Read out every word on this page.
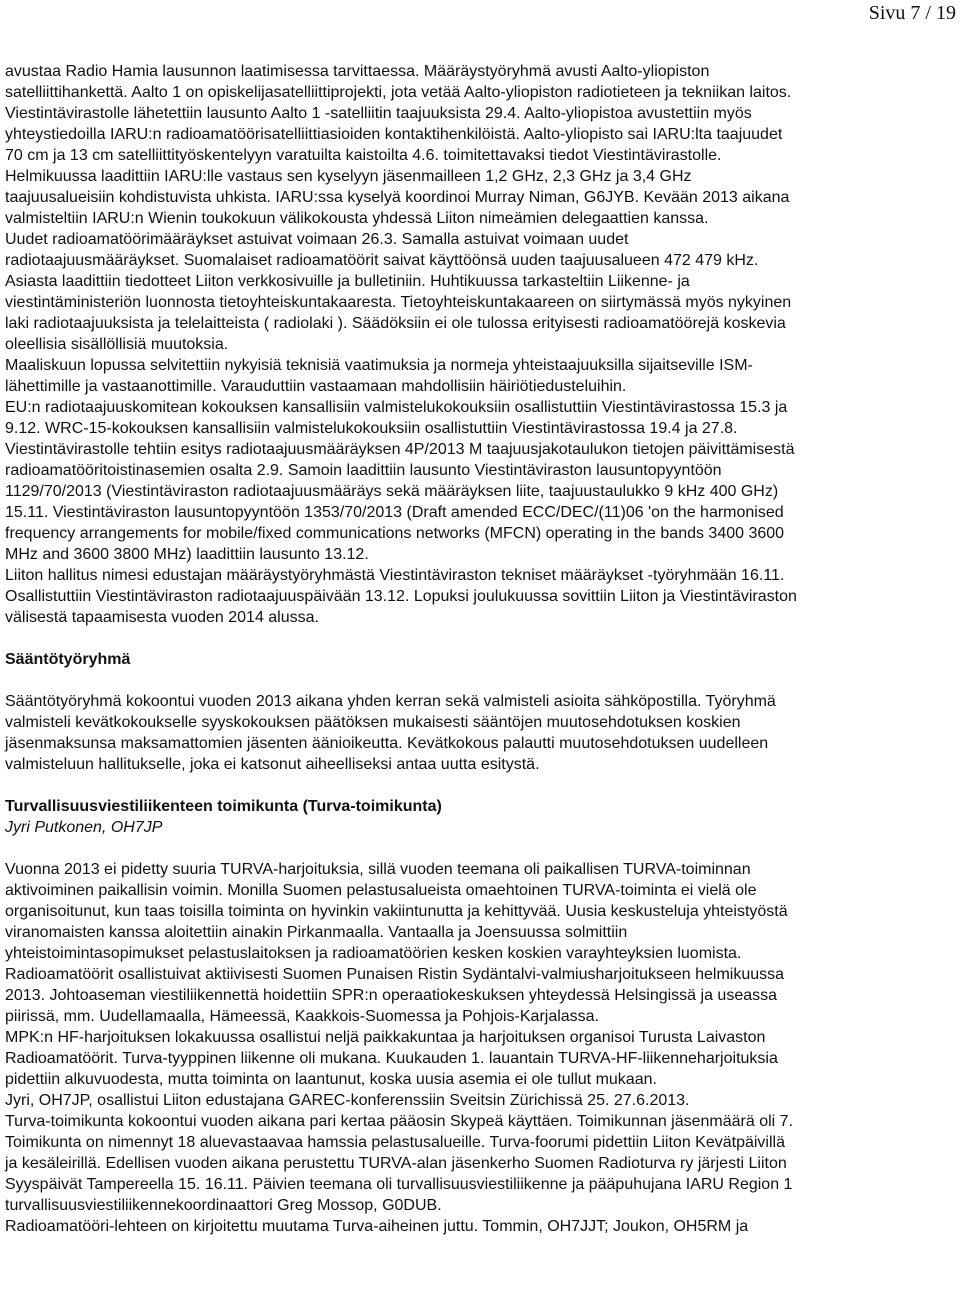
Sivu 7 / 19
avustaa Radio Hamia lausunnon laatimisessa tarvittaessa. Määräystyöryhmä avusti Aalto-yliopiston
satelliittihankettä. Aalto 1 on opiskelijasatelliittiprojekti, jota vetää Aalto-yliopiston radiotieteen ja tekniikan laitos.
Viestintävirastolle lähetettiin lausunto Aalto 1 -satelliitin taajuuksista 29.4. Aalto-yliopistoa avustettiin myös
yhteystiedoilla IARU:n radioamatöörisatelliittiasioiden kontaktihenkilöistä. Aalto-yliopisto sai IARU:lta taajuudet
70 cm ja 13 cm satelliittityöskentelyyn varatuilta kaistoilta 4.6. toimitettavaksi tiedot Viestintävirastolle.
Helmikuussa laadittiin IARU:lle vastaus sen kyselyyn jäsenmailleen 1,2 GHz, 2,3 GHz ja 3,4 GHz
taajuusalueisiin kohdistuvista uhkista. IARU:ssa kyselyä koordinoi Murray Niman, G6JYB. Kevään 2013 aikana
valmisteltiin IARU:n Wienin toukokuun välikokousta yhdessä Liiton nimeämien delegaattien kanssa.
Uudet radioamatöörimääräykset astuivat voimaan 26.3. Samalla astuivat voimaan uudet
radiotaajuusmääräykset. Suomalaiset radioamatöörit saivat käyttöönsä uuden taajuusalueen 472 479 kHz.
Asiasta laadittiin tiedotteet Liiton verkkosivuille ja bulletiniin. Huhtikuussa tarkasteltiin Liikenne- ja
viestintäministeriön luonnosta tietoyhteiskuntakaaresta. Tietoyhteiskuntakaareen on siirtymässä myös nykyinen
laki radiotaajuuksista ja telelaitteista ( radiolaki ). Säädöksiin ei ole tulossa erityisesti radioamatöörejä koskevia
oleellisia sisällöllisiä muutoksia.
Maaliskuun lopussa selvitettiin nykyisiä teknisiä vaatimuksia ja normeja yhteistaajuuksilla sijaitseville ISM-
lähettimille ja vastaanottimille. Varauduttiin vastaamaan mahdollisiin häiriötiedusteluihin.
EU:n radiotaajuuskomitean kokouksen kansallisiin valmistelukokouksiin osallistuttiin Viestintävirastossa 15.3 ja
9.12. WRC-15-kokouksen kansallisiin valmistelukokouksiin osallistuttiin Viestintävirastossa 19.4 ja 27.8.
Viestintävirastolle tehtiin esitys radiotaajuusmääräyksen 4P/2013 M taajuusjakotaulukon tietojen päivittämisestä
radioamatööritoistinasemien osalta 2.9. Samoin laadittiin lausunto Viestintäviraston lausuntopyyntöön
1129/70/2013 (Viestintäviraston radiotaajuusmääräys sekä määräyksen liite, taajuustaulukko 9 kHz 400 GHz)
15.11. Viestintäviraston lausuntopyyntöön 1353/70/2013 (Draft amended ECC/DEC/(11)06 'on the harmonised
frequency arrangements for mobile/fixed communications networks (MFCN) operating in the bands 3400 3600
MHz and 3600 3800 MHz) laadittiin lausunto 13.12.
Liiton hallitus nimesi edustajan määräystyöryhmästä Viestintäviraston tekniset määräykset -työryhmään 16.11.
Osallistuttiin Viestintäviraston radiotaajuuspäivään 13.12. Lopuksi joulukuussa sovittiin Liiton ja Viestintäviraston
välisestä tapaamisesta vuoden 2014 alussa.
Sääntötyöryhmä
Sääntötyöryhmä kokoontui vuoden 2013 aikana yhden kerran sekä valmisteli asioita sähköpostilla. Työryhmä
valmisteli kevätkokoukselle syyskokouksen päätöksen mukaisesti sääntöjen muutosehdotuksen koskien
jäsenmaksunsa maksamattomien jäsenten äänioikeutta. Kevätkokous palautti muutosehdotuksen uudelleen
valmisteluun hallitukselle, joka ei katsonut aiheelliseksi antaa uutta esitystä.
Turvallisuusviestiliikenteen toimikunta (Turva-toimikunta)
Jyri Putkonen, OH7JP
Vuonna 2013 ei pidetty suuria TURVA-harjoituksia, sillä vuoden teemana oli paikallisen TURVA-toiminnan
aktivoiminen paikallisin voimin. Monilla Suomen pelastusalueista omaehtoinen TURVA-toiminta ei vielä ole
organisoitunut, kun taas toisilla toiminta on hyvinkin vakiintunutta ja kehittyvää. Uusia keskusteluja yhteistyöstä
viranomaisten kanssa aloitettiin ainakin Pirkanmaalla. Vantaalla ja Joensuussa solmittiin
yhteistoimintasopimukset pelastuslaitoksen ja radioamatöörien kesken koskien varayhteyksien luomista.
Radioamatöörit osallistuivat aktiivisesti Suomen Punaisen Ristin Sydäntalvi-valmiusharjoitukseen helmikuussa
2013. Johtoaseman viestiliikennettä hoidettiin SPR:n operaatiokeskuksen yhteydessä Helsingissä ja useassa
piirissä, mm. Uudellamaalla, Hämeessä, Kaakkois-Suomessa ja Pohjois-Karjalassa.
MPK:n HF-harjoituksen lokakuussa osallistui neljä paikkakuntaa ja harjoituksen organisoi Turusta Laivaston
Radioamatöörit. Turva-tyyppinen liikenne oli mukana. Kuukauden 1. lauantain TURVA-HF-liikenneharjoituksia
pidettiin alkuvuodesta, mutta toiminta on laantunut, koska uusia asemia ei ole tullut mukaan.
Jyri, OH7JP, osallistui Liiton edustajana GAREC-konferenssiin Sveitsin Zürichissä 25. 27.6.2013.
Turva-toimikunta kokoontui vuoden aikana pari kertaa pääosin Skypeä käyttäen. Toimikunnan jäsenmäärä oli 7.
Toimikunta on nimennyt 18 aluevastaavaa hamssia pelastusalueille. Turva-foorumi pidettiin Liiton Kevätpäivillä
ja kesäleirillä. Edellisen vuoden aikana perustettu TURVA-alan jäsenkerho Suomen Radioturva ry järjesti Liiton
Syyspäivät Tampereella 15. 16.11. Päivien teemana oli turvallisuusviestiliikenne ja pääpuhujana IARU Region 1
turvallisuusviestiliikennekoordinaattori Greg Mossop, G0DUB.
Radioamatööri-lehteen on kirjoitettu muutama Turva-aiheinen juttu. Tommin, OH7JJT; Joukon, OH5RM ja
